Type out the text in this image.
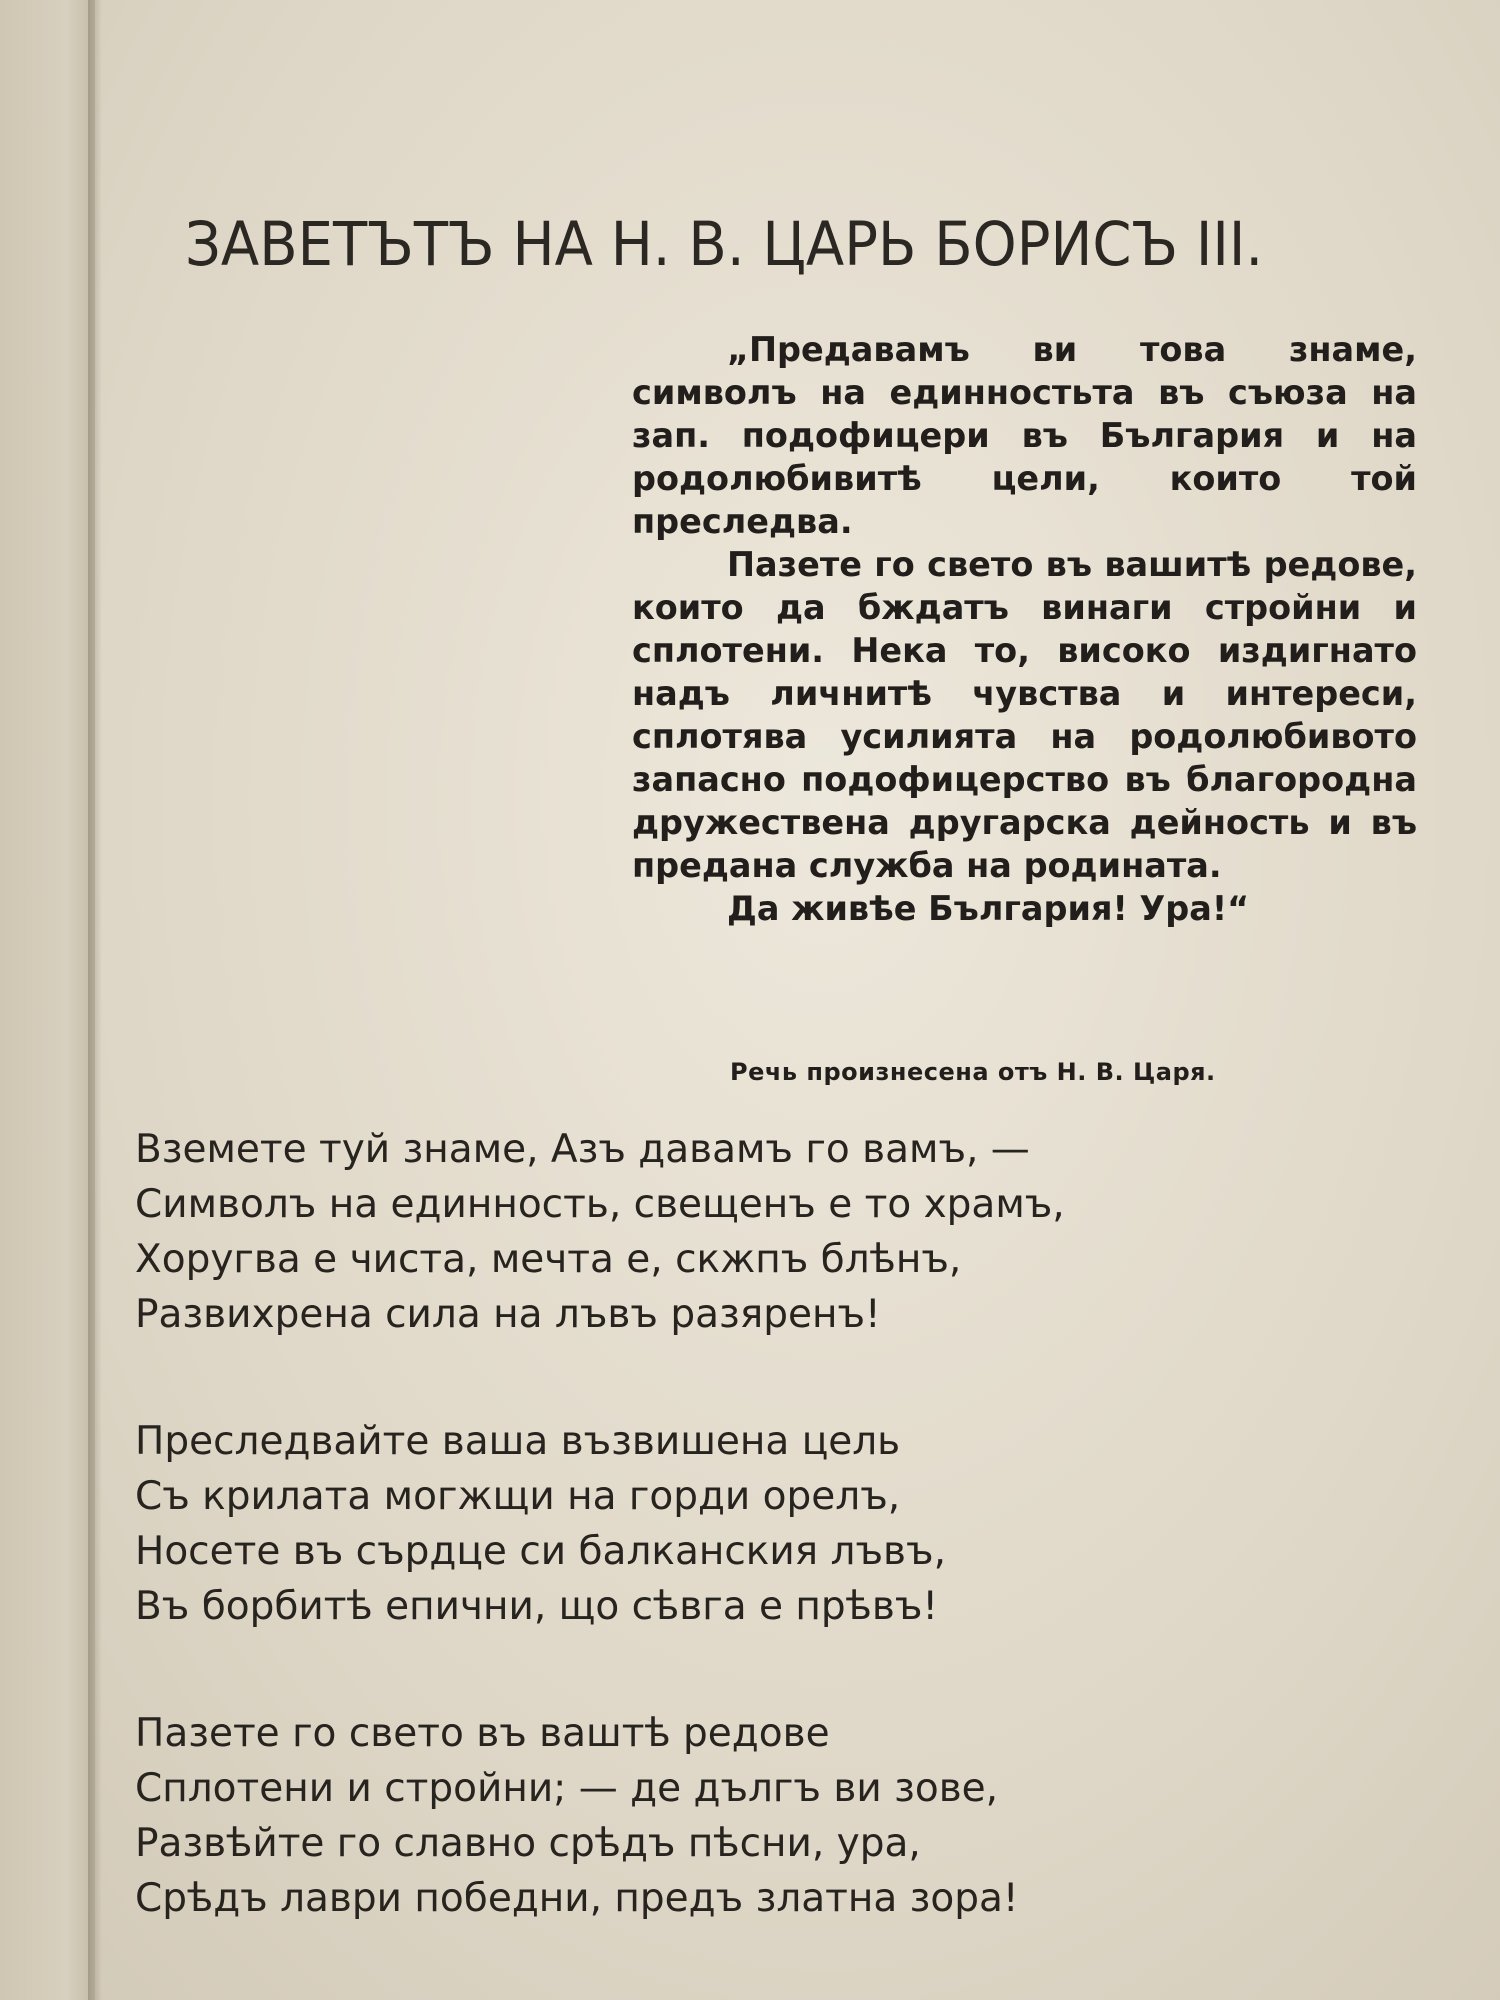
ЗАВЕТЪТЪ НА Н. В. ЦАРЬ БОРИСЪ III.

„Предавамъ ви това знаме, символъ на единностьта въ съюза на зап. подофицери въ България и на родолюбивитѣ цели, които той преследва.

Пазете го свето въ вашитѣ редове, които да бждатъ винаги стройни и сплотени. Нека то, високо издигнато надъ личнитѣ чувства и интереси, сплотява усилията на родолюбивото запасно подофицерство въ благородна дружествена другарска дейность и въ предана служба на родината.

Да живѣе България! Ура!“

Речь произнесена отъ Н. В. Царя.
Вземете туй знаме, Азъ давамъ го вамъ, —
Символъ на единность, свещенъ е то храмъ,
Хоругва е чиста, мечта е, скжпъ блѣнъ,
Развихрена сила на лъвъ разяренъ!
Преследвайте ваша възвишена цель
Съ крилата могжщи на горди орелъ,
Носете въ сърдце си балканския лъвъ,
Въ борбитѣ епични, що сѣвга е прѣвъ!
Пазете го свето въ ваштѣ редове
Сплотени и стройни; — де дългъ ви зове,
Развѣйте го славно срѣдъ пѣсни, ура,
Срѣдъ лаври победни, предъ златна зора!
